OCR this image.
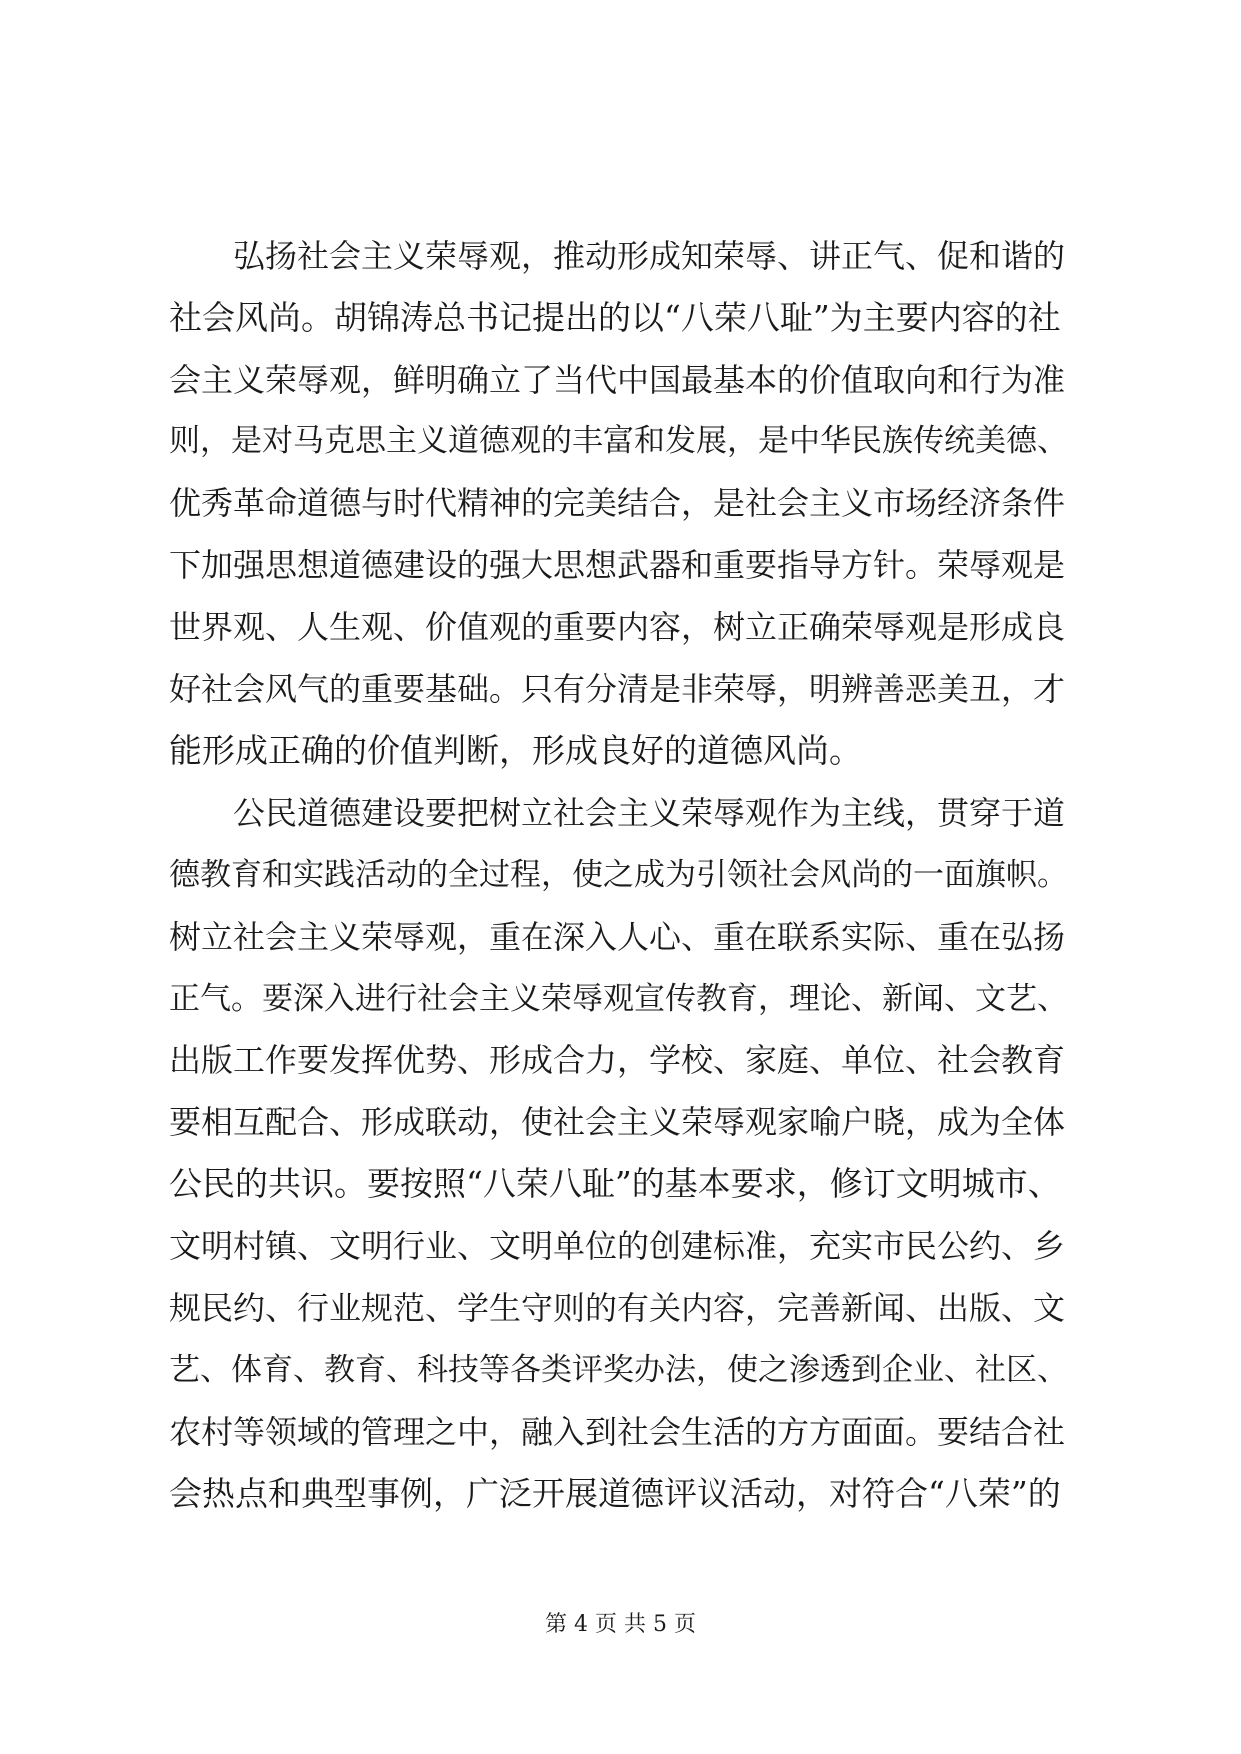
　　弘扬社会主义荣辱观，推动形成知荣辱、讲正气、促和谐的
社会风尚。胡锦涛总书记提出的以“八荣八耻”为主要内容的社
会主义荣辱观，鲜明确立了当代中国最基本的价值取向和行为准
则，是对马克思主义道德观的丰富和发展，是中华民族传统美德、
优秀革命道德与时代精神的完美结合，是社会主义市场经济条件
下加强思想道德建设的强大思想武器和重要指导方针。荣辱观是
世界观、人生观、价值观的重要内容，树立正确荣辱观是形成良
好社会风气的重要基础。只有分清是非荣辱，明辨善恶美丑，才
能形成正确的价值判断，形成良好的道德风尚。
　　公民道德建设要把树立社会主义荣辱观作为主线，贯穿于道
德教育和实践活动的全过程，使之成为引领社会风尚的一面旗帜。
树立社会主义荣辱观，重在深入人心、重在联系实际、重在弘扬
正气。要深入进行社会主义荣辱观宣传教育，理论、新闻、文艺、
出版工作要发挥优势、形成合力，学校、家庭、单位、社会教育
要相互配合、形成联动，使社会主义荣辱观家喻户晓，成为全体
公民的共识。要按照“八荣八耻”的基本要求，修订文明城市、
文明村镇、文明行业、文明单位的创建标准，充实市民公约、乡
规民约、行业规范、学生守则的有关内容，完善新闻、出版、文
艺、体育、教育、科技等各类评奖办法，使之渗透到企业、社区、
农村等领域的管理之中，融入到社会生活的方方面面。要结合社
会热点和典型事例，广泛开展道德评议活动，对符合“八荣”的
第 4 页 共 5 页
